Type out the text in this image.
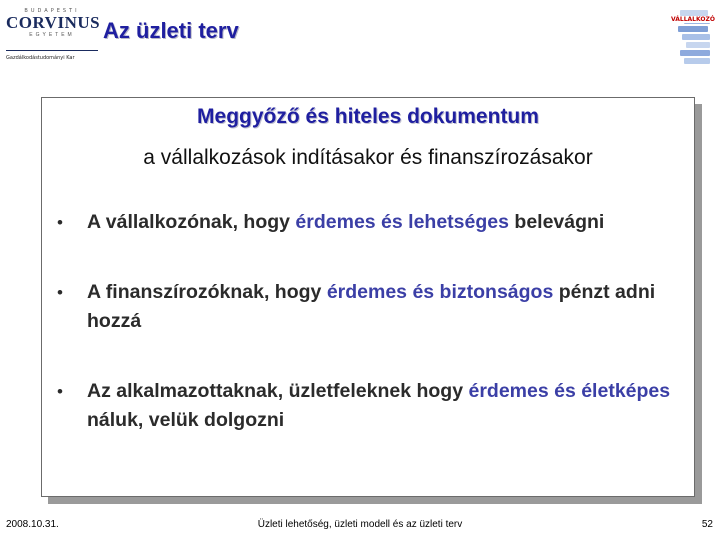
BUDAPESTI
CORVINUS
EGYETEM
Gazdálkodástudományi Kar
Az üzleti terv	VÁLLALKOZÓ
Meggyőző és hiteles dokumentum
a vállalkozások indításakor és finanszírozásakor
•	A vállalkozónak, hogy érdemes és lehetséges belevágni
•	A finanszírozóknak, hogy érdemes és biztonságos pénzt adni hozzá
•	Az alkalmazottaknak, üzletfeleknek hogy érdemes és életképes náluk, velük dolgozni
2008.10.31.	Üzleti lehetőség, üzleti modell és az üzleti terv	52
